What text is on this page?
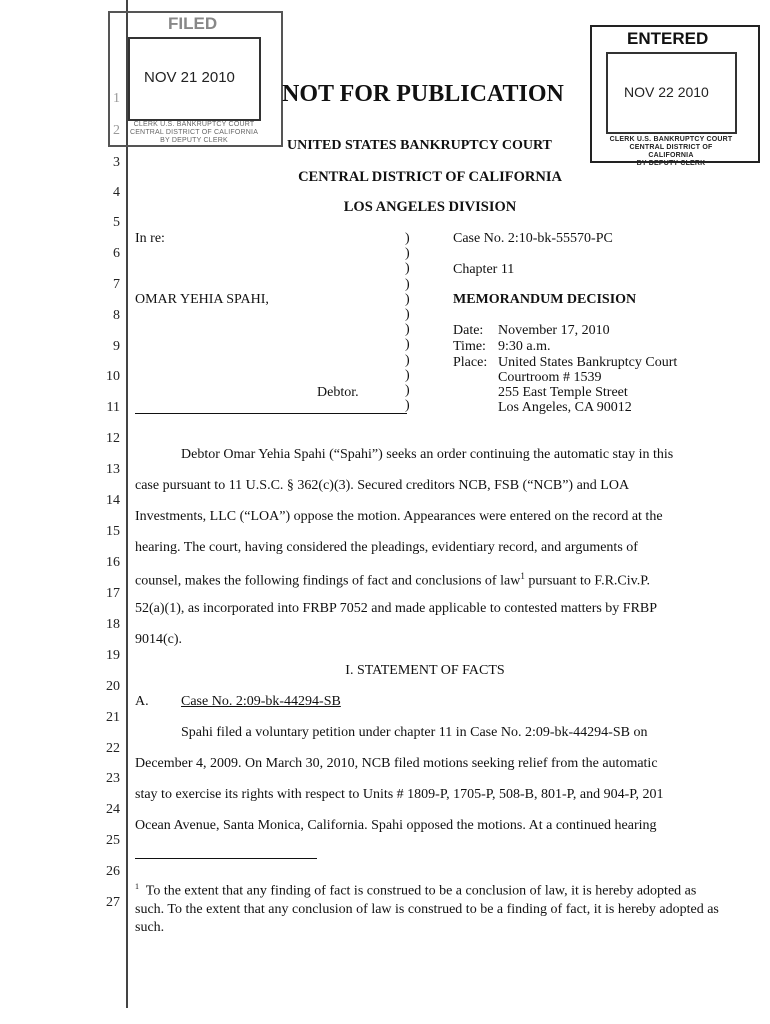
1
2
3
4
5
6
7
8
9
10
11
12
13
14
15
16
17
18
19
20
21
22
23
24
25
26
27
FILED
NOV 21 2010
CLERK U.S. BANKRUPTCY COURT
CENTRAL DISTRICT OF CALIFORNIA
BY DEPUTY CLERK
ENTERED
NOV 22 2010
CLERK U.S. BANKRUPTCY COURT
CENTRAL DISTRICT OF CALIFORNIA
BY DEPUTY CLERK
NOT FOR PUBLICATION
UNITED STATES BANKRUPTCY COURT
CENTRAL DISTRICT OF CALIFORNIA
LOS ANGELES DIVISION
In re:
OMAR YEHIA SPAHI,
Debtor.
)
)
)
)
)
)
)
)
)
)
)
)
Case No. 2:10-bk-55570-PC
Chapter 11
MEMORANDUM DECISION
Date: November 17, 2010
Time: 9:30 a.m.
Place: United States Bankruptcy Court
Courtroom # 1539
255 East Temple Street
Los Angeles, CA 90012
Debtor Omar Yehia Spahi (“Spahi”) seeks an order continuing the automatic stay in this
case pursuant to 11 U.S.C. § 362(c)(3). Secured creditors NCB, FSB (“NCB”) and LOA
Investments, LLC (“LOA”) oppose the motion. Appearances were entered on the record at the
hearing. The court, having considered the pleadings, evidentiary record, and arguments of
counsel, makes the following findings of fact and conclusions of law$^1$ pursuant to F.R.Civ.P.
52(a)(1), as incorporated into FRBP 7052 and made applicable to contested matters by FRBP
9014(c).
I. STATEMENT OF FACTS
A. Case No. 2:09-bk-44294-SB
Spahi filed a voluntary petition under chapter 11 in Case No. 2:09-bk-44294-SB on
December 4, 2009. On March 30, 2010, NCB filed motions seeking relief from the automatic
stay to exercise its rights with respect to Units # 1809-P, 1705-P, 508-B, 801-P, and 904-P, 201
Ocean Avenue, Santa Monica, California. Spahi opposed the motions. At a continued hearing
$^1$ To the extent that any finding of fact is construed to be a conclusion of law, it is hereby adopted as such. To the extent that any conclusion of law is construed to be a finding of fact, it is hereby adopted as such.
